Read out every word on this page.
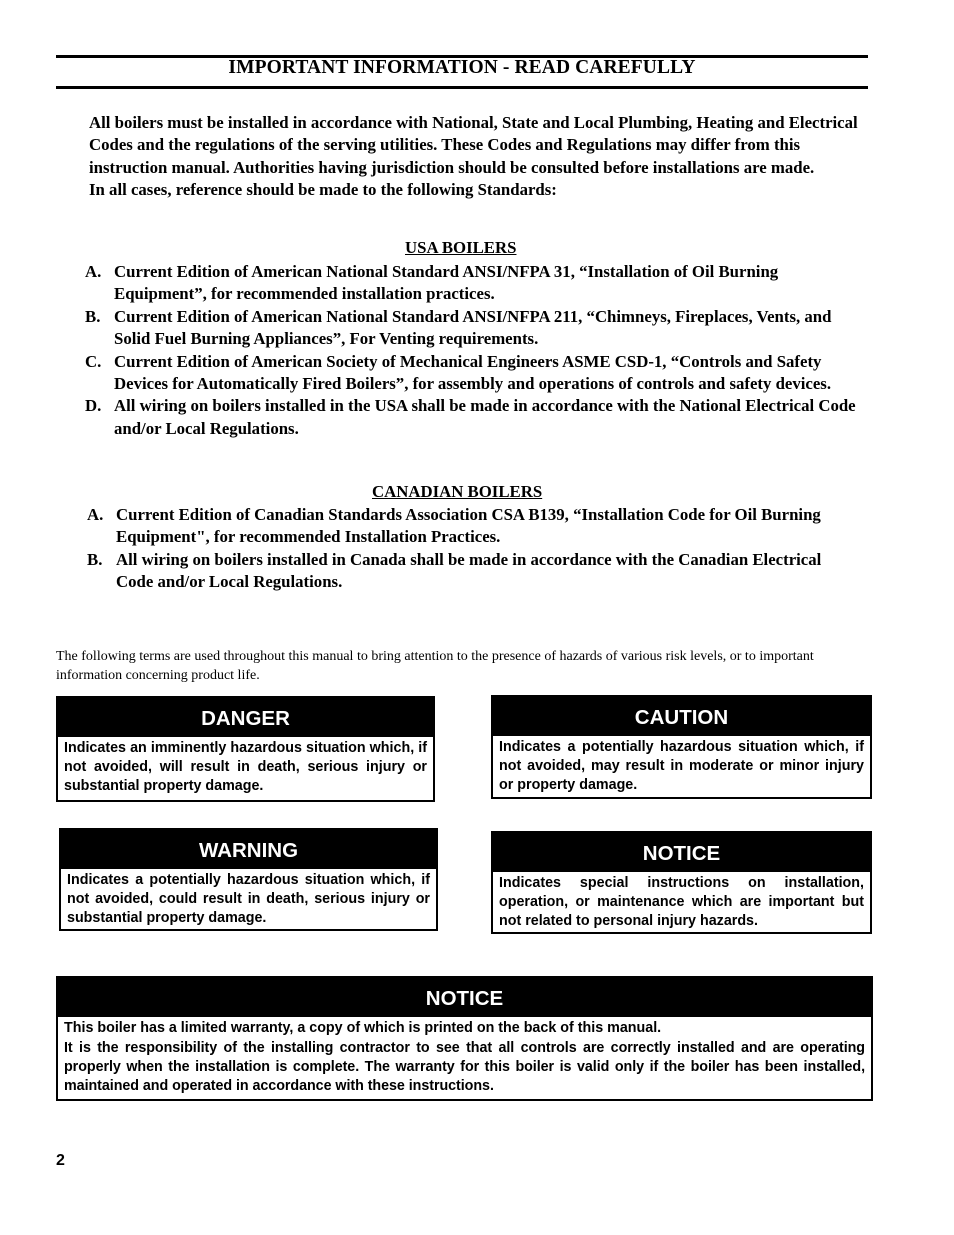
IMPORTANT INFORMATION - READ CAREFULLY

All boilers must be installed in accordance with National, State and Local Plumbing, Heating and Electrical Codes and the regulations of the serving utilities. These Codes and Regulations may differ from this instruction manual. Authorities having jurisdiction should be consulted before installations are made.

In all cases, reference should be made to the following Standards:

USA BOILERS
A. Current Edition of American National Standard ANSI/NFPA 31, “Installation of Oil Burning Equipment”, for recommended installation practices.
B. Current Edition of American National Standard ANSI/NFPA 211, “Chimneys, Fireplaces, Vents, and Solid Fuel Burning Appliances”, For Venting requirements.
C. Current Edition of American Society of Mechanical Engineers ASME CSD-1, “Controls and Safety Devices for Automatically Fired Boilers”, for assembly and operations of controls and safety devices.
D. All wiring on boilers installed in the USA shall be made in accordance with the National Electrical Code and/or Local Regulations.
CANADIAN BOILERS
A. Current Edition of Canadian Standards Association CSA B139, “Installation Code for Oil Burning Equipment", for recommended Installation Practices.
B. All wiring on boilers installed in Canada shall be made in accordance with the Canadian Electrical Code and/or Local Regulations.
The following terms are used throughout this manual to bring attention to the presence of hazards of various risk levels, or to important information concerning product life.
DANGER

Indicates an imminently hazardous situation which, if not avoided, will result in death, serious injury or substantial property damage.

CAUTION

Indicates a potentially hazardous situation which, if not avoided, may result in moderate or minor injury or property damage.

WARNING

Indicates a potentially hazardous situation which, if not avoided, could result in death, serious injury or substantial property damage.

NOTICE

Indicates special instructions on installation, operation, or maintenance which are important but not related to personal injury hazards.

NOTICE

This boiler has a limited warranty, a copy of which is printed on the back of this manual.

It is the responsibility of the installing contractor to see that all controls are correctly installed and are operating properly when the installation is complete. The warranty for this boiler is valid only if the boiler has been installed, maintained and operated in accordance with these instructions.

2
